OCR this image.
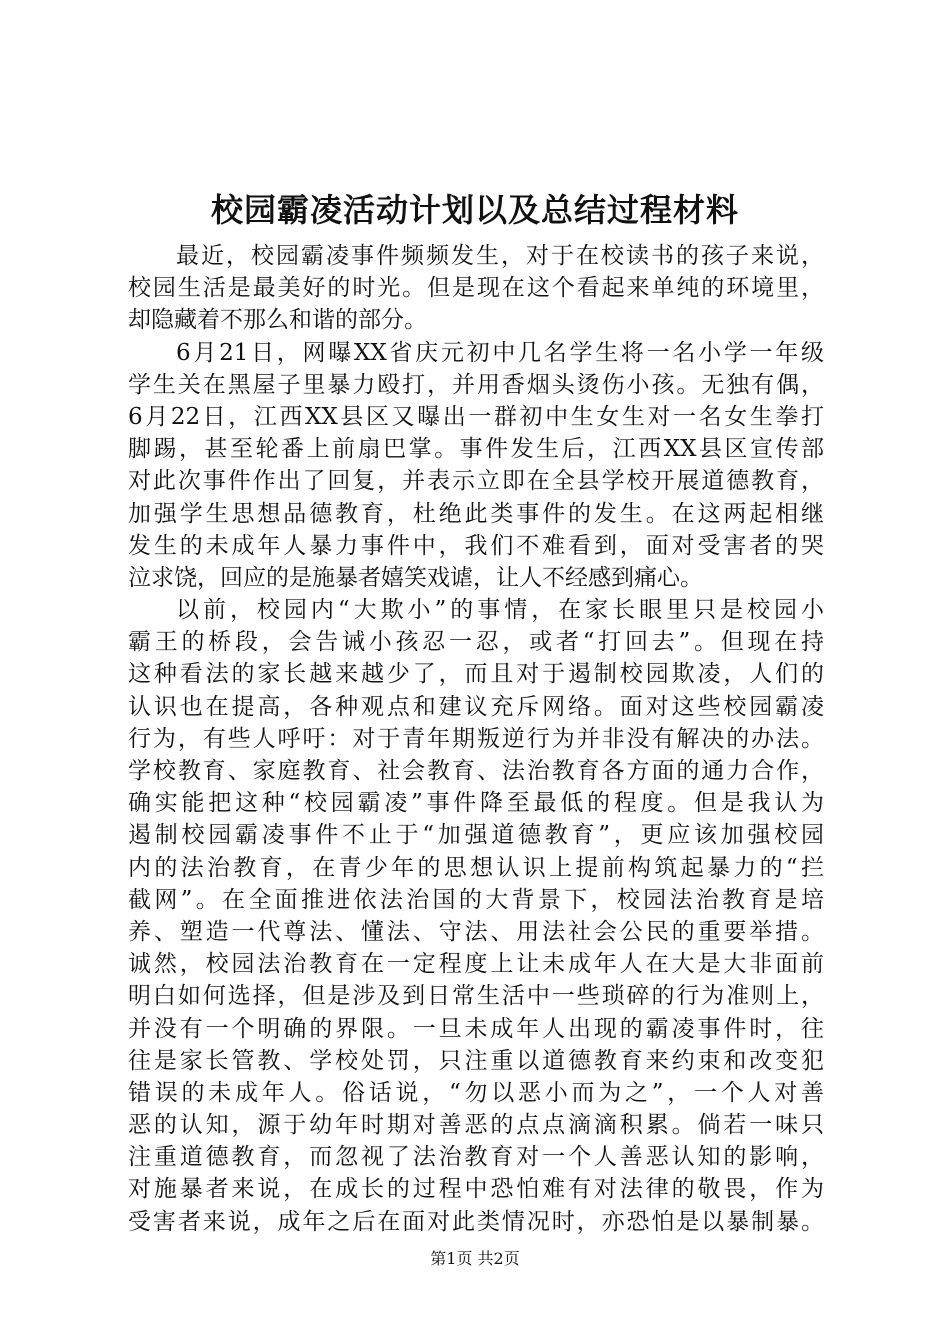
校园霸凌活动计划以及总结过程材料
最近，校园霸凌事件频频发生，对于在校读书的孩子来说，
校园生活是最美好的时光。但是现在这个看起来单纯的环境里，
却隐藏着不那么和谐的部分。
6月21日，网曝XX省庆元初中几名学生将一名小学一年级
学生关在黑屋子里暴力殴打，并用香烟头烫伤小孩。无独有偶，
6月22日，江西XX县区又曝出一群初中生女生对一名女生拳打
脚踢，甚至轮番上前扇巴掌。事件发生后，江西XX县区宣传部
对此次事件作出了回复，并表示立即在全县学校开展道德教育，
加强学生思想品德教育，杜绝此类事件的发生。在这两起相继
发生的未成年人暴力事件中，我们不难看到，面对受害者的哭
泣求饶，回应的是施暴者嬉笑戏谑，让人不经感到痛心。
以前，校园内“大欺小”的事情，在家长眼里只是校园小
霸王的桥段，会告诫小孩忍一忍，或者“打回去”。但现在持
这种看法的家长越来越少了，而且对于遏制校园欺凌，人们的
认识也在提高，各种观点和建议充斥网络。面对这些校园霸凌
行为，有些人呼吁：对于青年期叛逆行为并非没有解决的办法。
学校教育、家庭教育、社会教育、法治教育各方面的通力合作，
确实能把这种“校园霸凌”事件降至最低的程度。但是我认为
遏制校园霸凌事件不止于“加强道德教育”，更应该加强校园
内的法治教育，在青少年的思想认识上提前构筑起暴力的“拦
截网”。在全面推进依法治国的大背景下，校园法治教育是培
养、塑造一代尊法、懂法、守法、用法社会公民的重要举措。
诚然，校园法治教育在一定程度上让未成年人在大是大非面前
明白如何选择，但是涉及到日常生活中一些琐碎的行为准则上，
并没有一个明确的界限。一旦未成年人出现的霸凌事件时，往
往是家长管教、学校处罚，只注重以道德教育来约束和改变犯
错误的未成年人。俗话说，“勿以恶小而为之”，一个人对善
恶的认知，源于幼年时期对善恶的点点滴滴积累。倘若一味只
注重道德教育，而忽视了法治教育对一个人善恶认知的影响，
对施暴者来说，在成长的过程中恐怕难有对法律的敬畏，作为
受害者来说，成年之后在面对此类情况时，亦恐怕是以暴制暴。
第1页 共2页
